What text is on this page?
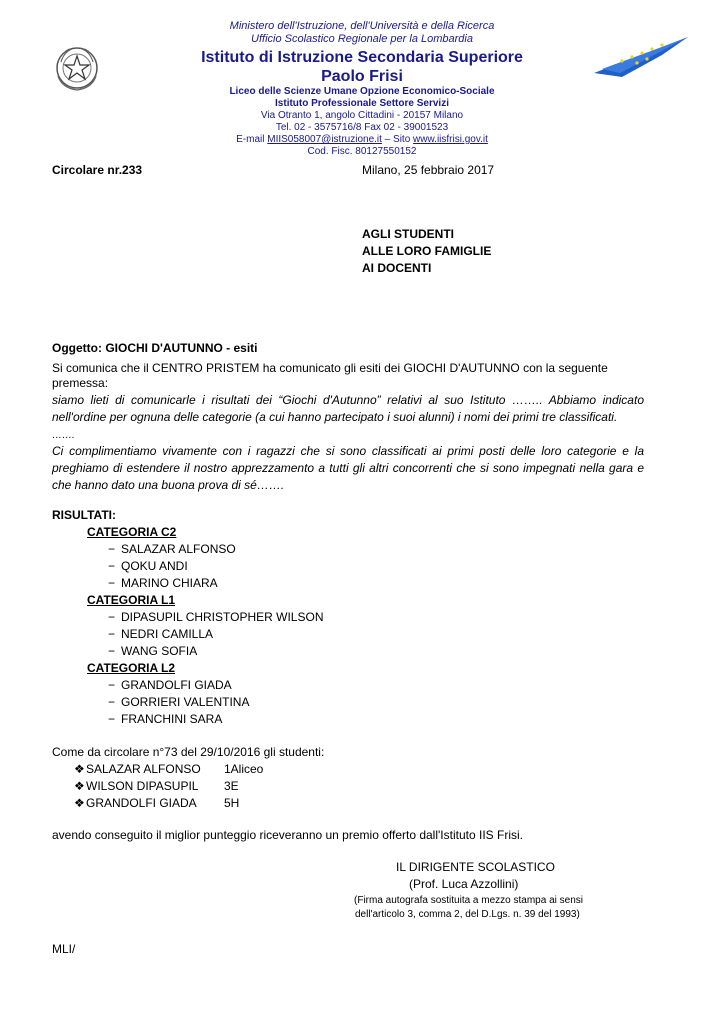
Ministero dell'Istruzione, dell'Università e della Ricerca
Ufficio Scolastico Regionale per la Lombardia
Istituto di Istruzione Secondaria Superiore
Paolo Frisi
Liceo delle Scienze Umane Opzione Economico-Sociale
Istituto Professionale Settore Servizi
Via Otranto 1, angolo Cittadini - 20157 Milano
Tel. 02 - 3575716/8 Fax 02 - 39001523
E-mail MIIS058007@istruzione.it – Sito www.iisfrisi.gov.it
Cod. Fisc. 80127550152
Circolare nr.233	Milano, 25 febbraio 2017
AGLI STUDENTI
ALLE LORO FAMIGLIE
AI DOCENTI
Oggetto: GIOCHI D'AUTUNNO - esiti
Si comunica che il CENTRO PRISTEM ha comunicato gli esiti dei GIOCHI D'AUTUNNO con la seguente premessa:
siamo lieti di comunicarle i risultati dei “Giochi d'Autunno” relativi al suo Istituto …….. Abbiamo indicato nell'ordine per ognuna delle categorie (a cui hanno partecipato i suoi alunni) i nomi dei primi tre classificati.
…….
Ci complimentiamo vivamente con i ragazzi che si sono classificati ai primi posti delle loro categorie e la preghiamo di estendere il nostro apprezzamento a tutti gli altri concorrenti che si sono impegnati nella gara e che hanno dato una buona prova di sé…….
RISULTATI:
CATEGORIA C2
− SALAZAR ALFONSO
− QOKU ANDI
− MARINO CHIARA
CATEGORIA L1
− DIPASUPIL CHRISTOPHER WILSON
− NEDRI CAMILLA
− WANG SOFIA
CATEGORIA L2
− GRANDOLFI GIADA
− GORRIERI VALENTINA
− FRANCHINI SARA
Come da circolare n°73 del 29/10/2016 gli studenti:
❖ SALAZAR ALFONSO 1Aliceo
❖ WILSON DIPASUPIL 3E
❖ GRANDOLFI GIADA 5H
avendo conseguito il miglior punteggio riceveranno un premio offerto dall'Istituto IIS Frisi.
IL DIRIGENTE SCOLASTICO
(Prof. Luca Azzollini)
(Firma autografa sostituita a mezzo stampa ai sensi
dell'articolo 3, comma 2, del D.Lgs. n. 39 del 1993)
MLI/
